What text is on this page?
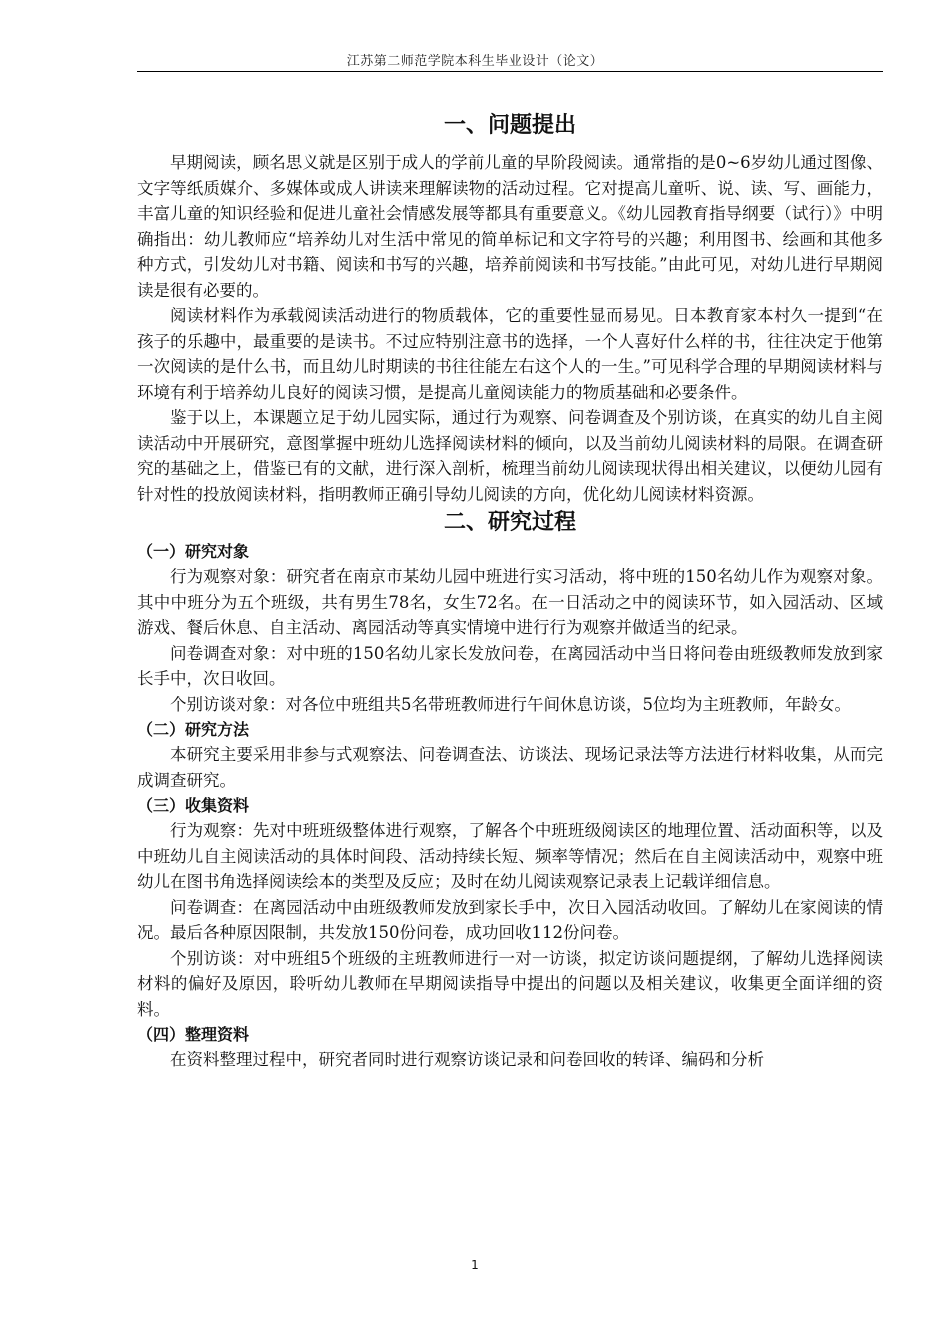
江苏第二师范学院本科生毕业设计（论文）
一、问题提出

早期阅读，顾名思义就是区别于成人的学前儿童的早阶段阅读。通常指的是0~6岁幼儿通过图像、文字等纸质媒介、多媒体或成人讲读来理解读物的活动过程。它对提高儿童听、说、读、写、画能力，丰富儿童的知识经验和促进儿童社会情感发展等都具有重要意义。《幼儿园教育指导纲要（试行）》中明确指出：幼儿教师应“培养幼儿对生活中常见的简单标记和文字符号的兴趣；利用图书、绘画和其他多种方式，引发幼儿对书籍、阅读和书写的兴趣，培养前阅读和书写技能。”由此可见，对幼儿进行早期阅读是很有必要的。

阅读材料作为承载阅读活动进行的物质载体，它的重要性显而易见。日本教育家本村久一提到“在孩子的乐趣中，最重要的是读书。不过应特别注意书的选择，一个人喜好什么样的书，往往决定于他第一次阅读的是什么书，而且幼儿时期读的书往往能左右这个人的一生。”可见科学合理的早期阅读材料与环境有利于培养幼儿良好的阅读习惯，是提高儿童阅读能力的物质基础和必要条件。

鉴于以上，本课题立足于幼儿园实际，通过行为观察、问卷调查及个别访谈，在真实的幼儿自主阅读活动中开展研究，意图掌握中班幼儿选择阅读材料的倾向，以及当前幼儿阅读材料的局限。在调查研究的基础之上，借鉴已有的文献，进行深入剖析，梳理当前幼儿阅读现状得出相关建议，以便幼儿园有针对性的投放阅读材料，指明教师正确引导幼儿阅读的方向，优化幼儿阅读材料资源。

二、研究过程
（一）研究对象

行为观察对象：研究者在南京市某幼儿园中班进行实习活动，将中班的150名幼儿作为观察对象。其中中班分为五个班级，共有男生78名，女生72名。在一日活动之中的阅读环节，如入园活动、区域游戏、餐后休息、自主活动、离园活动等真实情境中进行行为观察并做适当的纪录。

问卷调查对象：对中班的150名幼儿家长发放问卷，在离园活动中当日将问卷由班级教师发放到家长手中，次日收回。

个别访谈对象：对各位中班组共5名带班教师进行午间休息访谈，5位均为主班教师，年龄女。

（二）研究方法

本研究主要采用非参与式观察法、问卷调查法、访谈法、现场记录法等方法进行材料收集，从而完成调查研究。

（三）收集资料

行为观察：先对中班班级整体进行观察，了解各个中班班级阅读区的地理位置、活动面积等，以及中班幼儿自主阅读活动的具体时间段、活动持续长短、频率等情况；然后在自主阅读活动中，观察中班幼儿在图书角选择阅读绘本的类型及反应；及时在幼儿阅读观察记录表上记载详细信息。

问卷调查：在离园活动中由班级教师发放到家长手中，次日入园活动收回。了解幼儿在家阅读的情况。最后各种原因限制，共发放150份问卷，成功回收112份问卷。

个别访谈：对中班组5个班级的主班教师进行一对一访谈，拟定访谈问题提纲，了解幼儿选择阅读材料的偏好及原因，聆听幼儿教师在早期阅读指导中提出的问题以及相关建议，收集更全面详细的资料。

（四）整理资料

在资料整理过程中，研究者同时进行观察访谈记录和问卷回收的转译、编码和分析

1
